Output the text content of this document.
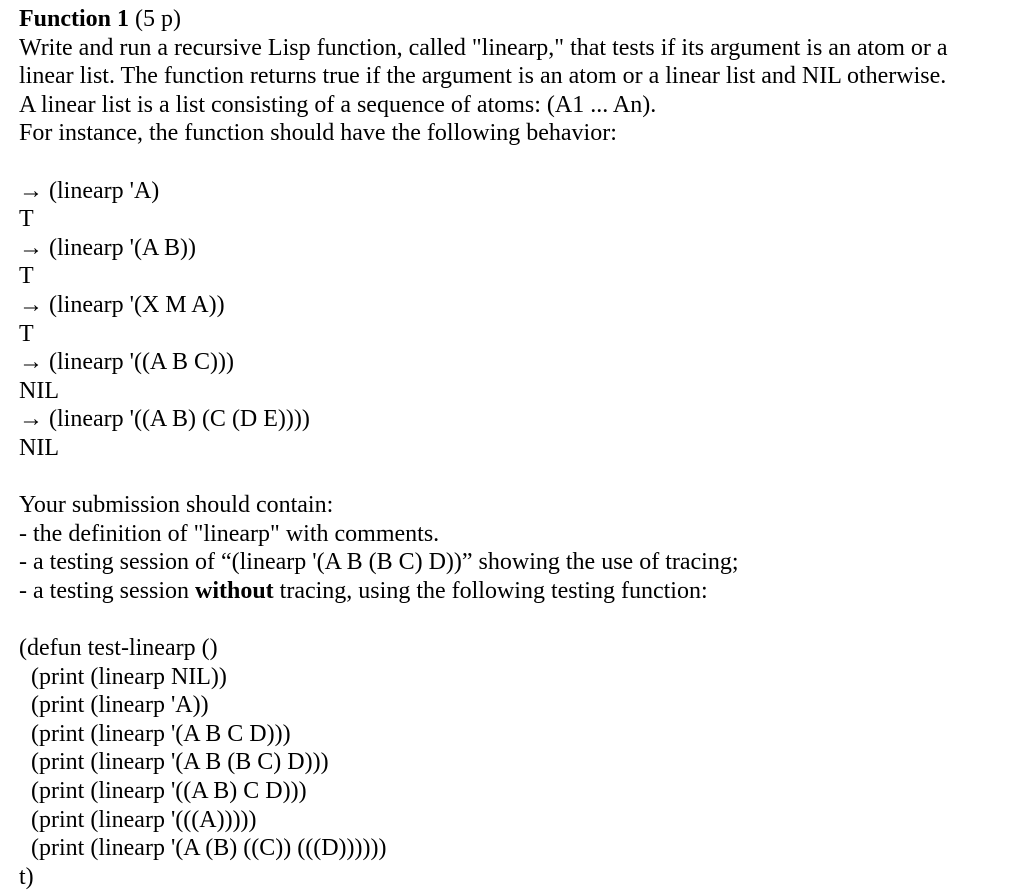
Function 1 (5 p)
Write and run a recursive Lisp function, called "linearp," that tests if its argument is an atom or a
linear list. The function returns true if the argument is an atom or a linear list and NIL otherwise.
A linear list is a list consisting of a sequence of atoms: (A1 ... An).
For instance, the function should have the following behavior:
→ (linearp 'A)
T
→ (linearp '(A B))
T
→ (linearp '(X M A))
T
→ (linearp '((A B C)))
NIL
→ (linearp '((A B) (C (D E))))
NIL
Your submission should contain:
- the definition of "linearp" with comments.
- a testing session of “(linearp '(A B (B C) D))” showing the use of tracing;
- a testing session without tracing, using the following testing function:
(defun test-linearp ()
(print (linearp NIL))
(print (linearp 'A))
(print (linearp '(A B C D)))
(print (linearp '(A B (B C) D)))
(print (linearp '((A B) C D)))
(print (linearp '(((A)))))
(print (linearp '(A (B) ((C)) (((D))))))
t)
